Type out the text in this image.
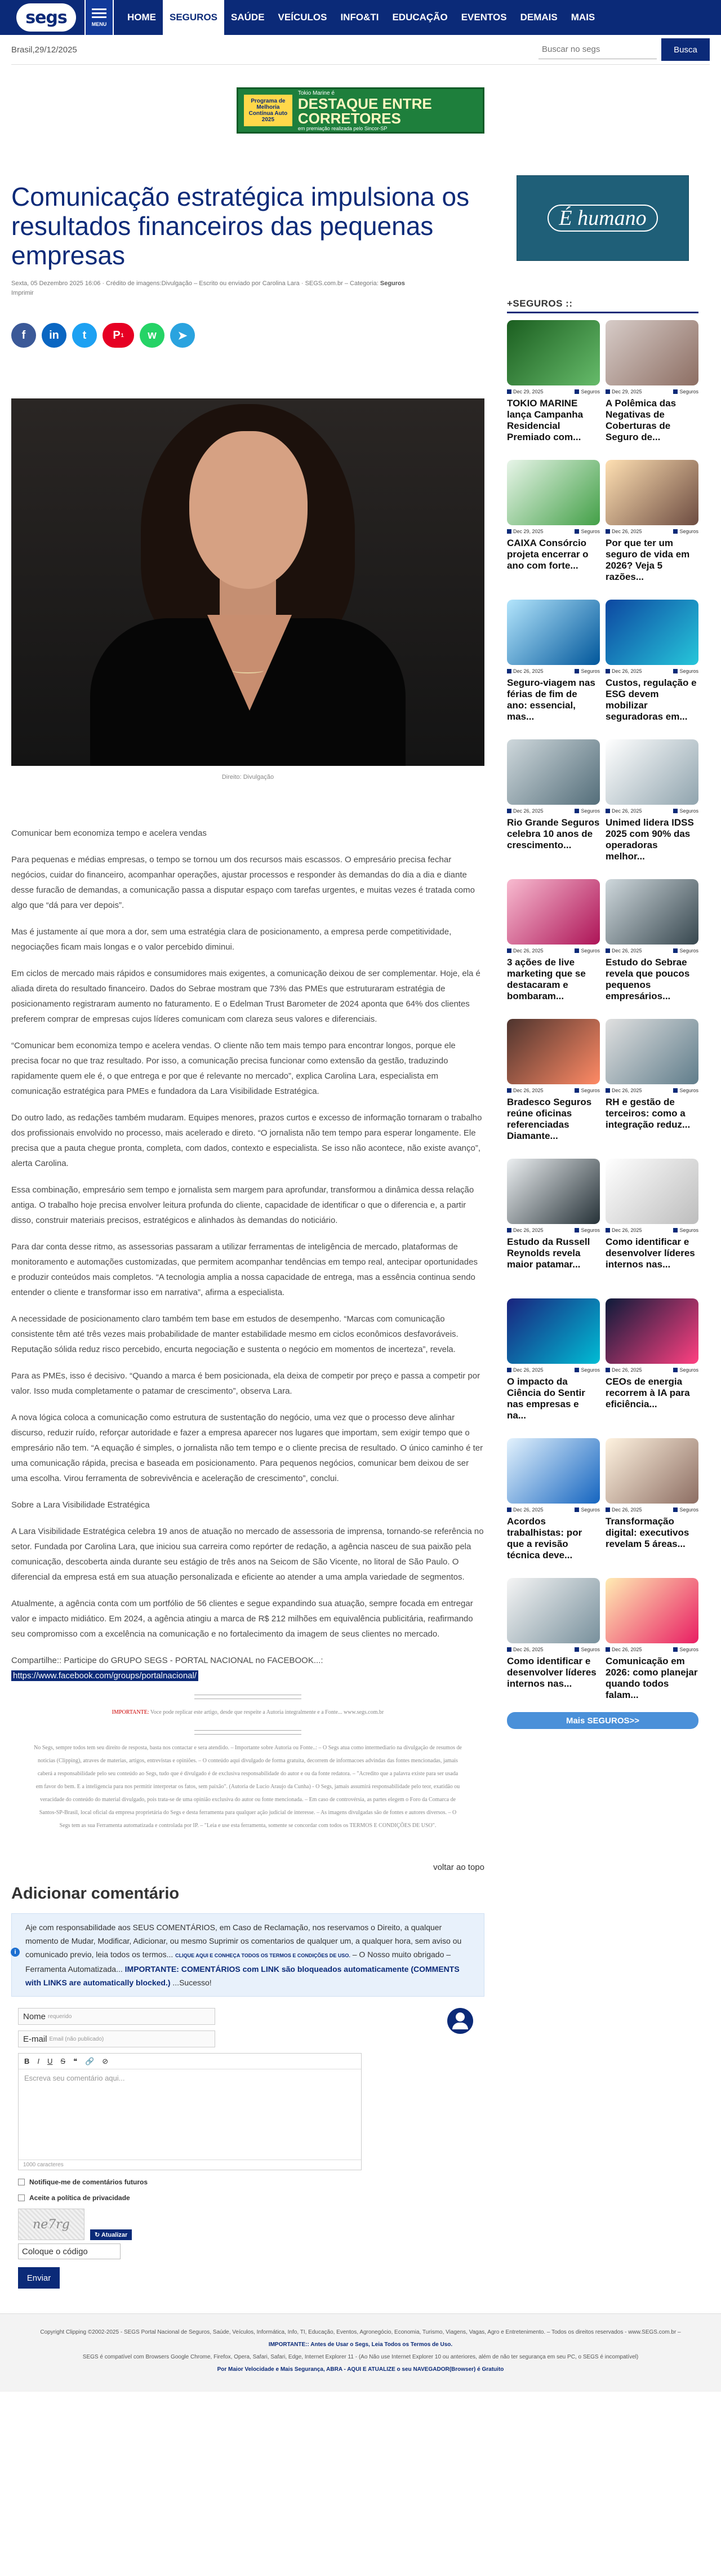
segs	MENU
HOME	SEGUROS	SAÚDE	VEÍCULOS	INFO&TI	EDUCAÇÃO	EVENTOS	DEMAIS	MAIS
Brasil,29/12/2025
Buscar no segs	Busca
Programa de Melhoria Contínua Auto 2025
Tokio Marine é
DESTAQUE ENTRE CORRETORES
em premiação realizada pelo Sincor-SP
Comunicação estratégica impulsiona os resultados financeiros das pequenas empresas
Sexta, 05 Dezembro 2025 16:06 · Crédito de imagens:Divulgação – Escrito ou enviado por Carolina Lara · SEGS.com.br – Categoria: Seguros
Imprimir
f	in	t	P 1	w	➤
Direito: Divulgação

Comunicar bem economiza tempo e acelera vendas

Para pequenas e médias empresas, o tempo se tornou um dos recursos mais escassos. O empresário precisa fechar negócios, cuidar do financeiro, acompanhar operações, ajustar processos e responder às demandas do dia a dia e diante desse furacão de demandas, a comunicação passa a disputar espaço com tarefas urgentes, e muitas vezes é tratada como algo que “dá para ver depois”.

Mas é justamente aí que mora a dor, sem uma estratégia clara de posicionamento, a empresa perde competitividade, negociações ficam mais longas e o valor percebido diminui.

Em ciclos de mercado mais rápidos e consumidores mais exigentes, a comunicação deixou de ser complementar. Hoje, ela é aliada direta do resultado financeiro. Dados do Sebrae mostram que 73% das PMEs que estruturaram estratégia de posicionamento registraram aumento no faturamento. E o Edelman Trust Barometer de 2024 aponta que 64% dos clientes preferem comprar de empresas cujos líderes comunicam com clareza seus valores e diferenciais.

“Comunicar bem economiza tempo e acelera vendas. O cliente não tem mais tempo para encontrar longos, porque ele precisa focar no que traz resultado. Por isso, a comunicação precisa funcionar como extensão da gestão, traduzindo rapidamente quem ele é, o que entrega e por que é relevante no mercado”, explica Carolina Lara, especialista em comunicação estratégica para PMEs e fundadora da Lara Visibilidade Estratégica.

Do outro lado, as redações também mudaram. Equipes menores, prazos curtos e excesso de informação tornaram o trabalho dos profissionais envolvido no processo, mais acelerado e direto. “O jornalista não tem tempo para esperar longamente. Ele precisa que a pauta chegue pronta, completa, com dados, contexto e especialista. Se isso não acontece, não existe avanço”, alerta Carolina.

Essa combinação, empresário sem tempo e jornalista sem margem para aprofundar, transformou a dinâmica dessa relação antiga. O trabalho hoje precisa envolver leitura profunda do cliente, capacidade de identificar o que o diferencia e, a partir disso, construir materiais precisos, estratégicos e alinhados às demandas do noticiário.

Para dar conta desse ritmo, as assessorias passaram a utilizar ferramentas de inteligência de mercado, plataformas de monitoramento e automações customizadas, que permitem acompanhar tendências em tempo real, antecipar oportunidades e produzir conteúdos mais completos. “A tecnologia amplia a nossa capacidade de entrega, mas a essência continua sendo entender o cliente e transformar isso em narrativa”, afirma a especialista.

A necessidade de posicionamento claro também tem base em estudos de desempenho. “Marcas com comunicação consistente têm até três vezes mais probabilidade de manter estabilidade mesmo em ciclos econômicos desfavoráveis. Reputação sólida reduz risco percebido, encurta negociação e sustenta o negócio em momentos de incerteza”, revela.

Para as PMEs, isso é decisivo. “Quando a marca é bem posicionada, ela deixa de competir por preço e passa a competir por valor. Isso muda completamente o patamar de crescimento”, observa Lara.

A nova lógica coloca a comunicação como estrutura de sustentação do negócio, uma vez que o processo deve alinhar discurso, reduzir ruído, reforçar autoridade e fazer a empresa aparecer nos lugares que importam, sem exigir tempo que o empresário não tem. “A equação é simples, o jornalista não tem tempo e o cliente precisa de resultado. O único caminho é ter uma comunicação rápida, precisa e baseada em posicionamento. Para pequenos negócios, comunicar bem deixou de ser uma escolha. Virou ferramenta de sobrevivência e aceleração de crescimento”, conclui.

Sobre a Lara Visibilidade Estratégica

A Lara Visibilidade Estratégica celebra 19 anos de atuação no mercado de assessoria de imprensa, tornando-se referência no setor. Fundada por Carolina Lara, que iniciou sua carreira como repórter de redação, a agência nasceu de sua paixão pela comunicação, descoberta ainda durante seu estágio de três anos na Seicom de São Vicente, no litoral de São Paulo. O diferencial da empresa está em sua atuação personalizada e eficiente ao atender a uma ampla variedade de segmentos.

Atualmente, a agência conta com um portfólio de 56 clientes e segue expandindo sua atuação, sempre focada em entregar valor e impacto midiático. Em 2024, a agência atingiu a marca de R$ 212 milhões em equivalência publicitária, reafirmando seu compromisso com a excelência na comunicação e no fortalecimento da imagem de seus clientes no mercado.

Compartilhe:: Participe do GRUPO SEGS - PORTAL NACIONAL no FACEBOOK...:

https://www.facebook.com/groups/portalnacional/

IMPORTANTE: Voce pode replicar este artigo, desde que respeite a Autoria integralmente e a Fonte... www.segs.com.br
No Segs, sempre todos tem seu direito de resposta, basta nos contactar e sera atendido. – Importante sobre Autoria ou Fonte..: – O Segs atua como intermediario na divulgação de resumos de noticias (Clipping), atraves de materias, artigos, entrevistas e opiniões. – O conteúdo aqui divulgado de forma gratuita, decorrem de informacoes advindas das fontes mencionadas, jamais caberá a responsabilidade pelo seu conteúdo ao Segs, tudo que é divulgado é de exclusiva responsabilidade do autor e ou da fonte redatora. – "Acredito que a palavra existe para ser usada em favor do bem. E a inteligencia para nos permitir interpretar os fatos, sem paixão". (Autoria de Lucio Araujo da Cunha) - O Segs, jamais assumirá responsabilidade pelo teor, exatidão ou veracidade do conteúdo do material divulgado, pois trata-se de uma opinião exclusiva do autor ou fonte mencionada. – Em caso de controvérsia, as partes elegem o Foro da Comarca de Santos-SP-Brasil, local oficial da empresa proprietária do Segs e desta ferramenta para qualquer ação judicial de interesse. – As imagens divulgadas são de fontes e autores diversos. – O Segs tem as sua Ferramenta automatizada e controlada por IP. – "Leia e use esta ferramenta, somente se concordar com todos os TERMOS E CONDIÇÕES DE USO".
voltar ao topo
Adicionar comentário
i Aje com responsabilidade aos SEUS COMENTÁRIOS, em Caso de Reclamação, nos reservamos o Direito, a qualquer momento de Mudar, Modificar, Adicionar, ou mesmo Suprimir os comentarios de qualquer um, a qualquer hora, sem aviso ou comunicado previo, leia todos os termos... CLIQUE AQUI E CONHEÇA TODOS OS TERMOS E CONDIÇÕES DE USO. – O Nosso muito obrigado – Ferramenta Automatizada... IMPORTANTE: COMENTÁRIOS com LINK são bloqueados automaticamente (COMMENTS with LINKS are automatically blocked.) ...Sucesso!
Nome requerido
E-mail Email (não publicado)
B I U S ❝ 🔗 ⊘
Escreva seu comentário aqui...
1000 caracteres
Notifique-me de comentários futuros
Aceite a política de privacidade
ne7rg
↻ Atualizar
Coloque o código
Enviar
É humano
+SEGUROS ::
Dec 29, 2025	Seguros
TOKIO MARINE lança Campanha Residencial Premiado com...
Dec 29, 2025	Seguros
A Polêmica das Negativas de Coberturas de Seguro de...
Dec 29, 2025	Seguros
CAIXA Consórcio projeta encerrar o ano com forte...
Dec 26, 2025	Seguros
Por que ter um seguro de vida em 2026? Veja 5 razões...
Dec 26, 2025	Seguros
Seguro-viagem nas férias de fim de ano: essencial, mas...
Dec 26, 2025	Seguros
Custos, regulação e ESG devem mobilizar seguradoras em...
Dec 26, 2025	Seguros
Rio Grande Seguros celebra 10 anos de crescimento...
Dec 26, 2025	Seguros
Unimed lidera IDSS 2025 com 90% das operadoras melhor...
Dec 26, 2025	Seguros
3 ações de live marketing que se destacaram e bombaram...
Dec 26, 2025	Seguros
Estudo do Sebrae revela que poucos pequenos empresários...
Dec 26, 2025	Seguros
Bradesco Seguros reúne oficinas referenciadas Diamante...
Dec 26, 2025	Seguros
RH e gestão de terceiros: como a integração reduz...
Dec 26, 2025	Seguros
Estudo da Russell Reynolds revela maior patamar...
Dec 26, 2025	Seguros
Como identificar e desenvolver líderes internos nas...
Dec 26, 2025	Seguros
O impacto da Ciência do Sentir nas empresas e na...
Dec 26, 2025	Seguros
CEOs de energia recorrem à IA para eficiência...
Dec 26, 2025	Seguros
Acordos trabalhistas: por que a revisão técnica deve...
Dec 26, 2025	Seguros
Transformação digital: executivos revelam 5 áreas...
Dec 26, 2025	Seguros
Como identificar e desenvolver líderes internos nas...
Dec 26, 2025	Seguros
Comunicação em 2026: como planejar quando todos falam...
Mais SEGUROS>>
Copyright Clipping ©2002-2025 - SEGS Portal Nacional de Seguros, Saúde, Veículos, Informática, Info, TI, Educação, Eventos, Agronegócio, Economia, Turismo, Viagens, Vagas, Agro e Entretenimento. – Todos os direitos reservados - www.SEGS.com.br –
IMPORTANTE:: Antes de Usar o Segs, Leia Todos os Termos de Uso.
SEGS é compatível com Browsers Google Chrome, Firefox, Opera, Safari, Safari, Edge, Internet Explorer 11 - (Ao Não use Internet Explorer 10 ou anteriores, além de não ter segurança em seu PC, o SEGS é incompatível)
Por Maior Velocidade e Mais Segurança, ABRA - AQUI E ATUALIZE o seu NAVEGADOR(Browser) é Gratuito
